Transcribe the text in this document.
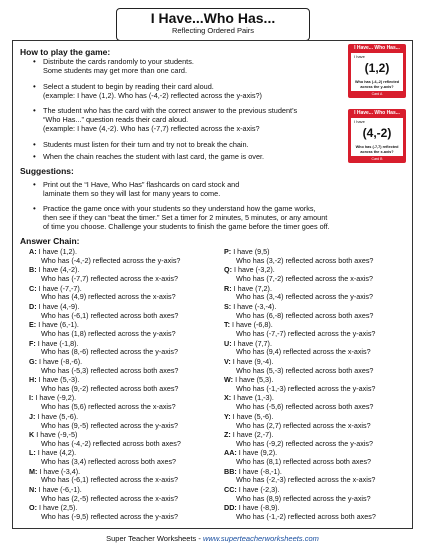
I Have...Who Has...
Reflecting Ordered Pairs
How to play the game:
• Distribute the cards randomly to your students.
Some students may get more than one card.
• Select a student to begin by reading their card aloud.
(example: I have (1,2). Who has (-4,-2) reflected across the y-axis?)
• The student who has the card with the correct answer to the previous student’s
“Who Has...” question reads their card aloud.
(example: I have (4,-2). Who has (-7,7) reflected across the x-axis?
• Students must listen for their turn and try not to break the chain.
• When the chain reaches the student with last card, the game is over.
I Have... Who Has...
I have
(1,2)
Who has (-4,-2) reflected across the y-axis?
Card A
I Have... Who Has...
I have
(4,-2)
Who has (-7,7) reflected across the x-axis?
Card B
Suggestions:
• Print out the “I Have, Who Has” flashcards on card stock and
laminate them so they will last for many years to come.
• Practice the game once with your students so they understand how the game works,
then see if they can “beat the timer.” Set a timer for 2 minutes, 5 minutes, or any amount
of time you choose. Challenge your students to finish the game before the timer goes off.
Answer Chain:
A: I have (1,2).
Who has (-4,-2) reflected across the y-axis?
B: I have (4,-2).
Who has (-7,7) reflected across the x-axis?
C: I have (-7,-7).
Who has (4,9) reflected across the x-axis?
D: I have (4,-9).
Who has (-6,1) reflected across both axes?
E: I have (6,-1).
Who has (1,8) reflected across the y-axis?
F: I have (-1,8).
Who has (8,-6) reflected across the y-axis?
G: I have (-8,-6).
Who has (-5,3) reflected across both axes?
H: I have (5,-3).
Who has (9,-2) reflected across both axes?
I: I have (-9,2).
Who has (5,6) reflected across the x-axis?
J: I have (5,-6).
Who has (9,-5) reflected across the y-axis?
K I have (-9,-5)
Who has (-4,-2) reflected across both axes?
L: I have (4,2).
Who has (3,4) reflected across both axes?
M: I have (-3,4).
Who has (-6,1) reflected across the x-axis?
N: I have (-6,-1).
Who has (2,-5) reflected across the x-axis?
O: I have (2,5).
Who has (-9,5) reflected across the y-axis?
P: I have (9,5)
Who has (3,-2) reflected across both axes?
Q: I have (-3,2).
Who has (7,-2) reflected across the x-axis?
R: I have (7,2).
Who has (3,-4) reflected across the y-axis?
S: I have (-3,-4).
Who has (6,-8) reflected across both axes?
T: I have (-6,8).
Who has (-7,-7) reflected across the y-axis?
U: I have (7,7).
Who has (9,4) reflected across the x-axis?
V: I have (9,-4).
Who has (5,-3) reflected across both axes?
W: I have (5,3).
Who has (-1,-3) reflected across the y-axis?
X: I have (1,-3).
Who has (-5,6) reflected across both axes?
Y: I have (5,-6).
Who has (2,7) reflected across the x-axis?
Z: I have (2,-7).
Who has (-9,2) reflected across the y-axis?
AA: I have (9,2).
Who has (8,1) reflected across both axes?
BB: I have (-8,-1).
Who has (-2,-3) reflected across the x-axis?
CC: I have (-2,3).
Who has (8,9) reflected across the y-axis?
DD: I have (-8,9).
Who has (-1,-2) reflected across both axes?
Super Teacher Worksheets - www.superteacherworksheets.com
